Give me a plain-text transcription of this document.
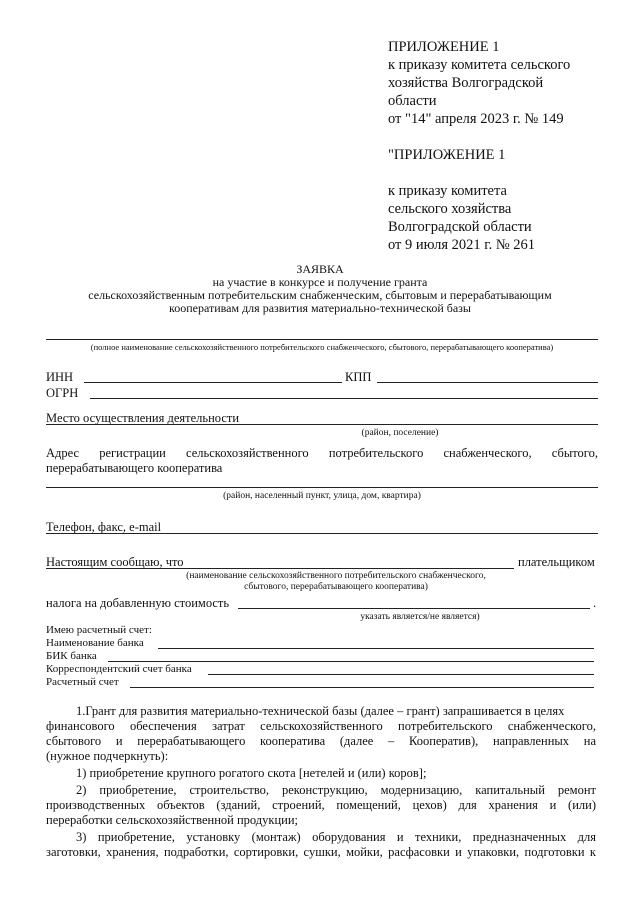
ПРИЛОЖЕНИЕ 1
к приказу комитета сельского
хозяйства Волгоградской
области
от "14" апреля 2023 г. № 149
"ПРИЛОЖЕНИЕ 1
к приказу комитета
сельского хозяйства
Волгоградской области
от 9 июля 2021 г. № 261
ЗАЯВКА
на участие в конкурсе и получение гранта
сельскохозяйственным потребительским снабженческим, сбытовым и перерабатывающим
кооперативам для развития материально-технической базы
(полное наименование сельскохозяйственного потребительского снабженческого, сбытового, перерабатывающего кооператива)
ИНН	КПП
ОГРН
Место осуществления деятельности
(район, поселение)
Адрес регистрации сельскохозяйственного потребительского снабженческого, сбытого,
перерабатывающего кооператива
(район, населенный пункт, улица, дом, квартира)
Телефон, факс, e-mail
Настоящим сообщаю, что	плательщиком
(наименование сельскохозяйственного потребительского снабженческого,
сбытового, перерабатывающего кооператива)
налога на добавленную стоимость	.
указать является/не является)
Имею расчетный счет:
Наименование банка
БИК банка
Корреспондентский счет банка
Расчетный счет
1.Грант для развития материально-технической базы (далее – грант) запрашивается в целях
финансового обеспечения затрат сельскохозяйственного потребительского снабженческого,
сбытового и перерабатывающего кооператива (далее – Кооператив), направленных на
(нужное подчеркнуть):
1) приобретение крупного рогатого скота [нетелей и (или) коров];
2) приобретение, строительство, реконструкцию, модернизацию, капитальный ремонт
производственных объектов (зданий, строений, помещений, цехов) для хранения и (или)
переработки сельскохозяйственной продукции;
3) приобретение, установку (монтаж) оборудования и техники, предназначенных для
заготовки, хранения, подработки, сортировки, сушки, мойки, расфасовки и упаковки, подготовки к
